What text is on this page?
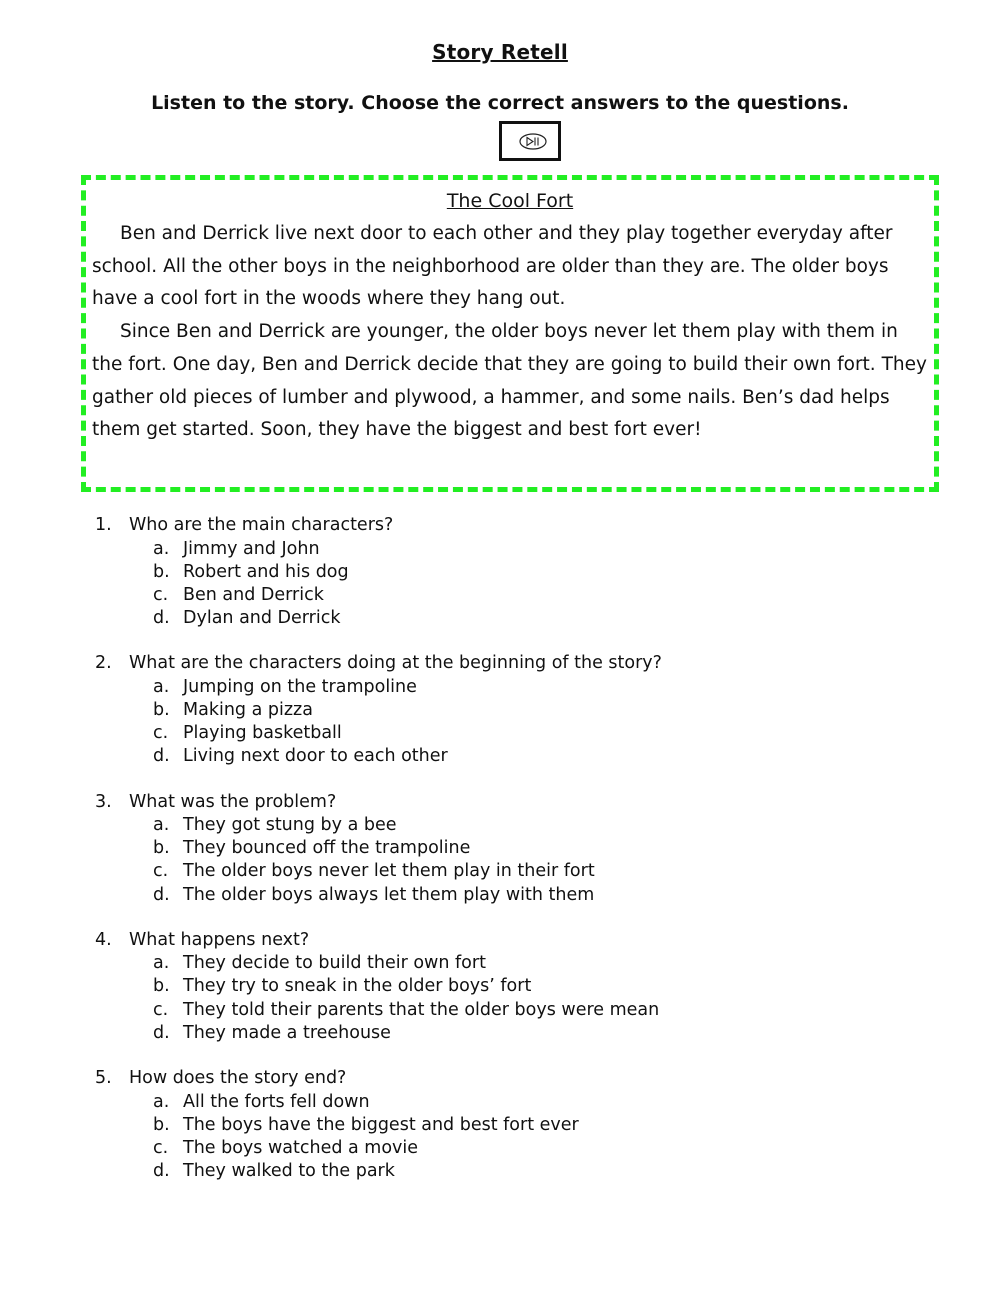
Story Retell
Listen to the story. Choose the correct answers to the questions.
The Cool Fort

Ben and Derrick live next door to each other and they play together everyday after school. All the other boys in the neighborhood are older than they are. The older boys have a cool fort in the woods where they hang out.

Since Ben and Derrick are younger, the older boys never let them play with them in the fort. One day, Ben and Derrick decide that they are going to build their own fort. They gather old pieces of lumber and plywood, a hammer, and some nails. Ben’s dad helps them get started. Soon, they have the biggest and best fort ever!

1. Who are the main characters?
a. Jimmy and John
b. Robert and his dog
c. Ben and Derrick
d. Dylan and Derrick
2. What are the characters doing at the beginning of the story?
a. Jumping on the trampoline
b. Making a pizza
c. Playing basketball
d. Living next door to each other
3. What was the problem?
a. They got stung by a bee
b. They bounced off the trampoline
c. The older boys never let them play in their fort
d. The older boys always let them play with them
4. What happens next?
a. They decide to build their own fort
b. They try to sneak in the older boys’ fort
c. They told their parents that the older boys were mean
d. They made a treehouse
5. How does the story end?
a. All the forts fell down
b. The boys have the biggest and best fort ever
c. The boys watched a movie
d. They walked to the park
